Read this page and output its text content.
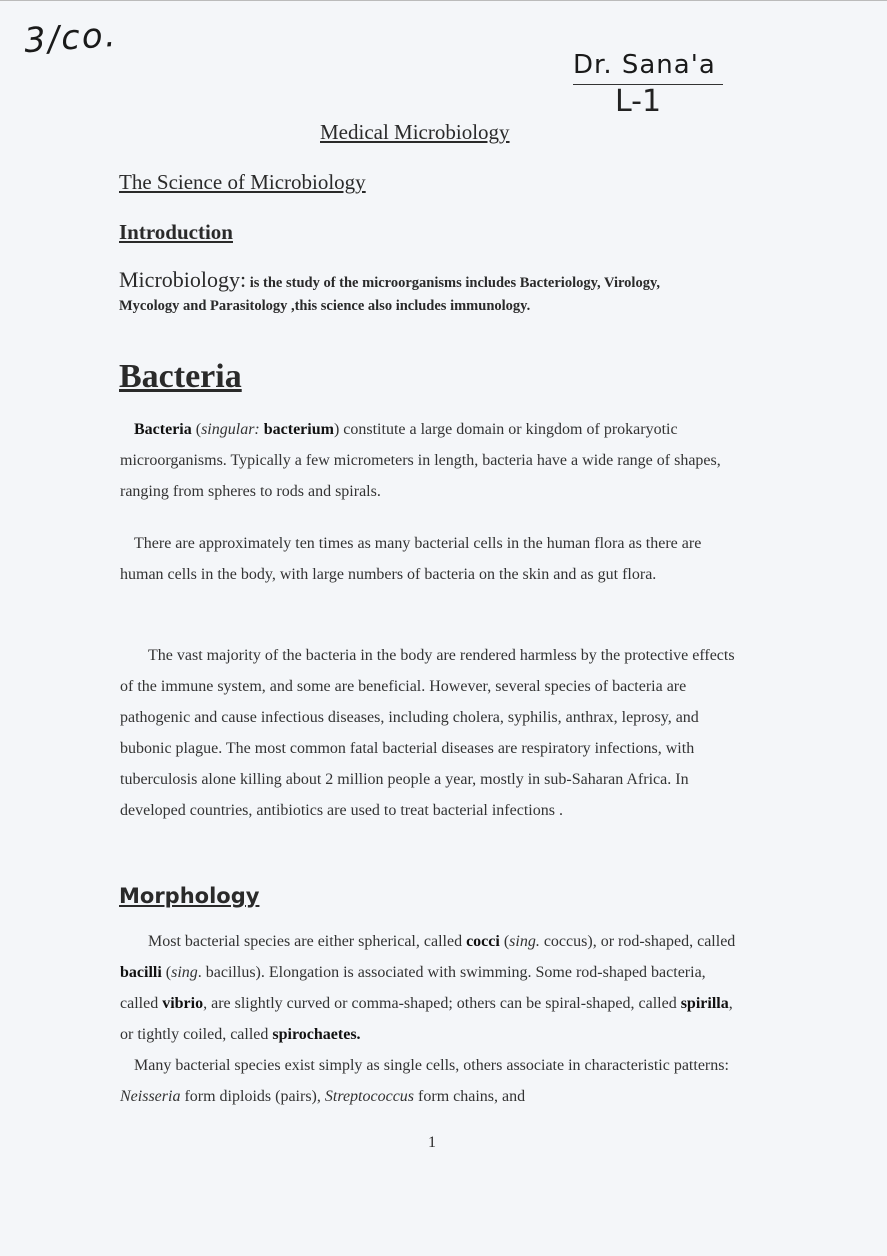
3/co.
Dr. Sana'a
L-1
Medical Microbiology
The Science of Microbiology
Introduction
Microbiology: is the study of the microorganisms includes Bacteriology, Virology, Mycology and Parasitology ,this science also includes immunology.
Bacteria
Bacteria (singular: bacterium) constitute a large domain or kingdom of prokaryotic microorganisms. Typically a few micrometers in length, bacteria have a wide range of shapes, ranging from spheres to rods and spirals.
There are approximately ten times as many bacterial cells in the human flora as there are human cells in the body, with large numbers of bacteria on the skin and as gut flora.
The vast majority of the bacteria in the body are rendered harmless by the protective effects of the immune system, and some are beneficial. However, several species of bacteria are pathogenic and cause infectious diseases, including cholera, syphilis, anthrax, leprosy, and bubonic plague. The most common fatal bacterial diseases are respiratory infections, with tuberculosis alone killing about 2 million people a year, mostly in sub-Saharan Africa. In developed countries, antibiotics are used to treat bacterial infections .
Morphology
Most bacterial species are either spherical, called cocci (sing. coccus), or rod-shaped, called bacilli (sing. bacillus). Elongation is associated with swimming. Some rod-shaped bacteria, called vibrio, are slightly curved or comma-shaped; others can be spiral-shaped, called spirilla, or tightly coiled, called spirochaetes.
Many bacterial species exist simply as single cells, others associate in characteristic patterns: Neisseria form diploids (pairs), Streptococcus form chains, and
1
